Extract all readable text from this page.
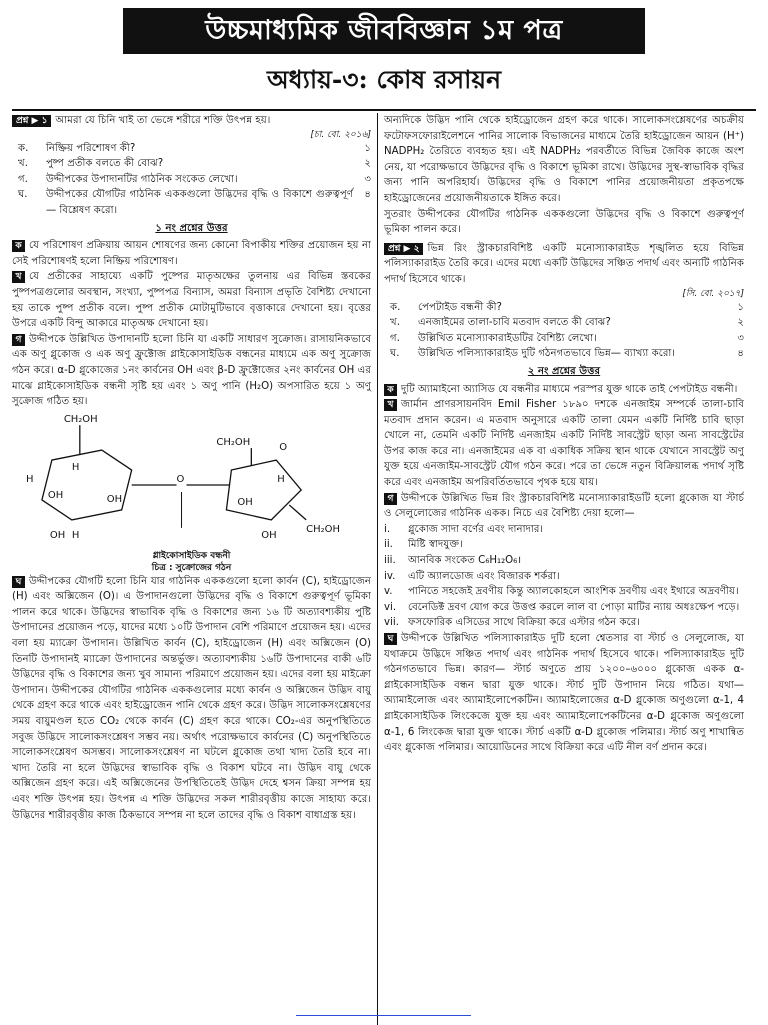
উচ্চমাধ্যমিক জীববিজ্ঞান ১ম পত্র
অধ্যায়-৩: কোষ রসায়ন

প্রশ্ন ▶ ১ আমরা যে চিনি খাই তা ভেঙ্গে শরীরে শক্তি উৎপন্ন হয়।

[চা. বো. ২০১৬]
ক.	নিষ্ক্রিয় পরিশোষণ কী?	১
খ.	পুষ্প প্রতীক বলতে কী বোঝ?	২
গ.	উদ্দীপকের উপাদানটির গাঠনিক সংকেত লেখো।	৩
ঘ.	উদ্দীপকের যৌগটির গাঠনিক এককগুলো উদ্ভিদের বৃদ্ধি ও বিকাশে গুরুত্বপূর্ণ— বিশ্লেষণ করো।	৪
১ নং প্রশ্নের উত্তর

ক যে পরিশোষণ প্রক্রিয়ায় আয়ন শোষণের জন্য কোনো বিপাকীয় শক্তির প্রয়োজন হয় না সেই পরিশোষণই হলো নিষ্ক্রিয় পরিশোষণ।

খ যে প্রতীকের সাহায্যে একটি পুষ্পের মাতৃঅক্ষের তুলনায় এর বিভিন্ন স্তবকের পুষ্পপত্রগুলোর অবস্থান, সংখ্যা, পুষ্পপত্র বিন্যাস, অমরা বিন্যাস প্রভৃতি বৈশিষ্ট্য দেখানো হয় তাকে পুষ্প প্রতীক বলে। পুষ্প প্রতীক মোটামুটিভাবে বৃত্তাকারে দেখানো হয়। বৃত্তের উপরে একটি বিন্দু আকারে মাতৃঅক্ষ দেখানো হয়।

গ উদ্দীপকে উল্লিখিত উপাদানটি হলো চিনি যা একটি সাধারণ সুক্রোজ। রাসায়নিকভাবে এক অণু গ্লুকোজ ও এক অণু ফ্রুক্টোজ গ্লাইকোসাইডিক বন্ধনের মাধ্যমে এক অণু সুক্রোজ গঠন করে। α-D গ্লুকোজের ১নং কার্বনের OH এবং β-D ফ্রুক্টোজের ২নং কার্বনের OH এর মাঝে গ্লাইকোসাইডিক বন্ধনী সৃষ্টি হয় এবং ১ অণু পানি (H₂O) অপসারিত হয়ে ১ অণু সুক্রোজ গঠিত হয়।

CH₂OH
H
H
OH	OH
H
OH
O
CH₂OH	O
OH
H
CH₂OH
OH
গ্লাইকোসাইডিক বন্ধনী
চিত্র : সুক্রোজের গঠন

ঘ উদ্দীপকের যৌগটি হলো চিনি যার গাঠনিক এককগুলো হলো কার্বন (C), হাইড্রোজেন (H) এবং অক্সিজেন (O)। এ উপাদানগুলো উদ্ভিদের বৃদ্ধি ও বিকাশে গুরুত্বপূর্ণ ভূমিকা পালন করে থাকে। উদ্ভিদের স্বাভাবিক বৃদ্ধি ও বিকাশের জন্য ১৬ টি অত্যাবশ্যকীয় পুষ্টি উপাদানের প্রয়োজন পড়ে, যাদের মধ্যে ১০টি উপাদান বেশি পরিমাণে প্রয়োজন হয়। এদের বলা হয় ম্যাক্রো উপাদান। উল্লিখিত কার্বন (C), হাইড্রোজেন (H) এবং অক্সিজেন (O) তিনটি উপাদানই ম্যাক্রো উপাদানের অন্তর্ভুক্ত। অত্যাবশ্যকীয় ১৬টি উপাদানের বাকী ৬টি উদ্ভিদের বৃদ্ধি ও বিকাশের জন্য খুব সামান্য পরিমাণে প্রয়োজন হয়। এদের বলা হয় মাইক্রো উপাদান। উদ্দীপকের যৌগটির গাঠনিক এককগুলোর মধ্যে কার্বন ও অক্সিজেন উদ্ভিদ বায়ু থেকে গ্রহণ করে থাকে এবং হাইড্রোজেন পানি থেকে গ্রহণ করে। উদ্ভিদ সালোকসংশ্লেষণের সময় বায়ুমণ্ডল হতে CO₂ থেকে কার্বন (C) গ্রহণ করে থাকে। CO₂-এর অনুপস্থিতিতে সবুজ উদ্ভিদে সালোকসংশ্লেষণ সম্ভব নয়। অর্থাৎ পরোক্ষভাবে কার্বনের (C) অনুপস্থিতিতে সালোকসংশ্লেষণ অসম্ভব। সালোকসংশ্লেষণ না ঘটলে গ্লুকোজ তথা খাদ্য তৈরি হবে না। খাদ্য তৈরি না হলে উদ্ভিদের স্বাভাবিক বৃদ্ধি ও বিকাশ ঘটবে না। উদ্ভিদ বায়ু থেকে অক্সিজেন গ্রহণ করে। এই অক্সিজেনের উপস্থিতিতেই উদ্ভিদ দেহে শ্বসন ক্রিয়া সম্পন্ন হয় এবং শক্তি উৎপন্ন হয়। উৎপন্ন এ শক্তি উদ্ভিদের সকল শারীরবৃত্তীয় কাজে সাহায্য করে। উদ্ভিদের শারীরবৃত্তীয় কাজ ঠিকভাবে সম্পন্ন না হলে তাদের বৃদ্ধি ও বিকাশ বাধাগ্রস্ত হয়।

অন্যদিকে উদ্ভিদ পানি থেকে হাইড্রোজেন গ্রহণ করে থাকে। সালোকসংশ্লেষণের অচক্রীয় ফটোফসফোরাইলেশনে পানির সালোক বিভাজনের মাধ্যমে তৈরি হাইড্রোজেন আয়ন (H⁺) NADPH₂ তৈরিতে ব্যবহৃত হয়। এই NADPH₂ পরবর্তীতে বিভিন্ন জৈবিক কাজে অংশ নেয়, যা পরোক্ষভাবে উদ্ভিদের বৃদ্ধি ও বিকাশে ভূমিকা রাখে। উদ্ভিদের সুস্থ-স্বাভাবিক বৃদ্ধির জন্য পানি অপরিহার্য। উদ্ভিদের বৃদ্ধি ও বিকাশে পানির প্রয়োজনীয়তা প্রকৃতপক্ষে হাইড্রোজেনের প্রয়োজনীয়তাকে ইঙ্গিত করে।

সুতরাং উদ্দীপকের যৌগটির গাঠনিক এককগুলো উদ্ভিদের বৃদ্ধি ও বিকাশে গুরুত্বপূর্ণ ভূমিকা পালন করে।

প্রশ্ন ▶ ২ ভিন্ন রিং স্ট্রাকচারবিশিষ্ট একটি মনোস্যাকারাইড শৃঙ্খলিত হয়ে বিভিন্ন পলিস্যাকারাইড তৈরি করে। এদের মধ্যে একটি উদ্ভিদের সঞ্চিত পদার্থ এবং অন্যটি গাঠনিক পদার্থ হিসেবে থাকে।

[সি. বো. ২০১৭]
ক.	পেপটাইড বন্ধনী কী?	১
খ.	এনজাইমের তালা-চাবি মতবাদ বলতে কী বোঝ?	২
গ.	উল্লিখিত মনোস্যাকারাইডটির বৈশিষ্ট্য লেখো।	৩
ঘ.	উল্লিখিত পলিস্যাকারাইড দুটি গঠনগতভাবে ভিন্ন— ব্যাখ্যা করো।	৪
২ নং প্রশ্নের উত্তর

ক দুটি অ্যামাইনো অ্যাসিড যে বন্ধনীর মাধ্যমে পরস্পর যুক্ত থাকে তাই পেপটাইড বন্ধনী।

খ জার্মান প্রাণরসায়নবিদ Emil Fisher ১৮৯০ দশকে এনজাইম সম্পর্কে তালা-চাবি মতবাদ প্রদান করেন। এ মতবাদ অনুসারে একটি তালা যেমন একটি নির্দিষ্ট চাবি ছাড়া খোলে না, তেমনি একটি নির্দিষ্ট এনজাইম একটি নির্দিষ্ট সাবস্ট্রেট ছাড়া অন্য সাবস্ট্রেটের উপর কাজ করে না। এনজাইমের এক বা একাধিক সক্রিয় স্থান থাকে যেখানে সাবস্ট্রেট অণু যুক্ত হয়ে এনজাইম-সাবস্ট্রেট যৌগ গঠন করে। পরে তা ভেঙ্গে নতুন বিক্রিয়ালব্ধ পদার্থ সৃষ্টি করে এবং এনজাইম অপরিবর্তিতভাবে পৃথক হয়ে যায়।

গ উদ্দীপকে উল্লিখিত ভিন্ন রিং স্ট্রাকচারবিশিষ্ট মনোস্যাকারাইডটি হলো গ্লুকোজ যা স্টার্চ ও সেলুলোজের গাঠনিক একক। নিচে এর বৈশিষ্ট্য দেয়া হলো—

i.	গ্লুকোজ সাদা বর্ণের এবং দানাদার।
ii.	মিষ্টি স্বাদযুক্ত।
iii.	আনবিক সংকেত C₆H₁₂O₆।
iv.	এটি অ্যালডোজ এবং বিজারক শর্করা।
v.	পানিতে সহজেই দ্রবণীয় কিন্তু অ্যালকোহলে আংশিক দ্রবণীয় এবং ইথারে অদ্রবণীয়।
vi.	বেনেডিক্ট দ্রবণ যোগ করে উত্তপ্ত করলে লাল বা পোড়া মাটির ন্যায় অধঃক্ষেপ পড়ে।
vii. ফসফোরিক এসিডের সাথে বিক্রিয়া করে এস্টার গঠন করে।

ঘ উদ্দীপকে উল্লিখিত পলিস্যাকারাইড দুটি হলো শ্বেতসার বা স্টার্চ ও সেলুলোজ, যা যথাক্রমে উদ্ভিদে সঞ্চিত পদার্থ এবং গাঠনিক পদার্থ হিসেবে থাকে। পলিস্যাকারাইড দুটি গঠনগতভাবে ভিন্ন। কারণ— স্টার্চ অণুতে প্রায় ১২০০–৬০০০ গ্লুকোজ একক α-গ্লাইকোসাইডিক বন্ধন দ্বারা যুক্ত থাকে। স্টার্চ দুটি উপাদান নিয়ে গঠিত। যথা— অ্যামাইলোজ এবং অ্যামাইলোপেকটিন। অ্যামাইলোজের α-D গ্লুকোজ অণুগুলো α-1, 4 গ্লাইকোসাইডিক লিংকেজে যুক্ত হয় এবং অ্যামাইলোপেকটিনের α-D গ্লুকোজ অণুগুলো α-1, 6 লিংকেজ দ্বারা যুক্ত থাকে। স্টার্চ একটি α-D গ্লুকোজ পলিমার। স্টার্চ অণু শাখান্বিত এবং গ্লুকোজ পলিমার। আয়োডিনের সাথে বিক্রিয়া করে এটি নীল বর্ণ প্রদান করে।
